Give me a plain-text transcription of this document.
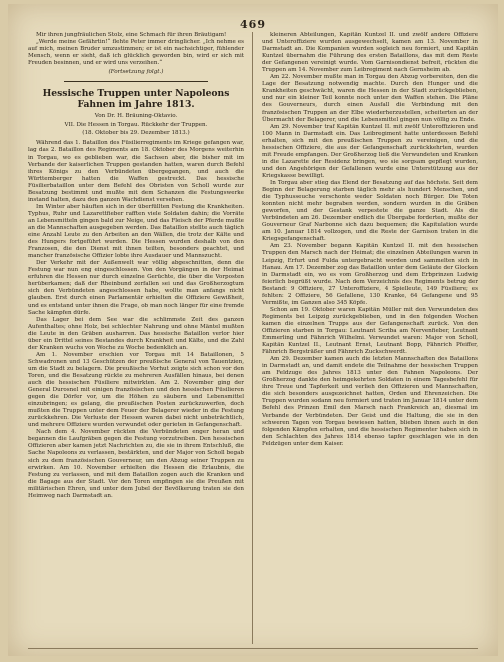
469

Mir ihren jungfräulichen Stolz, eine Schmach für ihren Bräutigam!

„Werde meine Gefährtin!“ flehte Peter immer dringlicher. „Ich nehme es auf mich, meinen Bruder umzustimmen; er ist ein nachsichtiger, fühlender Mensch, wenn er sieht, daß ich glücklich geworden bin, wird er sich mit Freuden besinnen, und er wird uns verzeihen.“

(Fortsetzung folgt.)

Hessische Truppen unter Napoleons Fahnen im Jahre 1813.
Von Dr. H. Bräuning-Oktavio.
VII. Die Hessen in Torgau. Rückkehr der Truppen.
(18. Oktober bis 29. Dezember 1813.)

Während das 1. Bataillon des Füsilierregiments im Kriege gefangen war, lag das 2. Bataillon des Regiments am 18. Oktober des Morgens weiterhin in Torgau, wo es geblieben war, die Sachsen aber, die bisher mit im Verbande der kaiserlichen Truppen gestanden hatten, waren durch Befehl ihres Königs zu den Verbündeten übergegangen, und auch die Württemberger hatten die Waffen gestreckt. Das hessische Füsilierbataillon unter dem Befehl des Obristen von Scholl wurde zur Besatzung bestimmt und mußte mit dem Schanzen die Festungswerke instand halten, dazu den ganzen Wachdienst versehen.

Im Winter aber häuften sich in der überfüllten Festung die Krankheiten. Typhus, Ruhr und Lazarettfieber rafften viele Soldaten dahin; die Vorräte an Lebensmitteln gingen bald zur Neige, und das Fleisch der Pferde mußte an die Mannschaften ausgegeben werden. Das Bataillon stellte auch täglich eine Anzahl Leute zu den Arbeiten an den Wällen, die trotz der Kälte und des Hungers fortgeführt wurden. Die Hessen wurden deshalb von den Franzosen, die den Dienst mit ihnen teilten, besonders geachtet, und mancher französische Offizier lobte ihre Ausdauer und Mannszucht.

Der Verkehr mit der Außenwelt war völlig abgeschnitten, denn die Festung war nun eng eingeschlossen. Von den Vorgängen in der Heimat erfuhren die Hessen nur durch einzelne Gerüchte, die über die Vorposten herüberkamen; daß der Rheinbund zerfallen sei und das Großherzogtum sich den Verbündeten angeschlossen habe, wollte man anfangs nicht glauben. Erst durch einen Parlamentär erhielten die Offiziere Gewißheit, und es entstand unter ihnen die Frage, ob man noch länger für eine fremde Sache kämpfen dürfe.

Das Lager bei dem See war die schlimmste Zeit des ganzen Aufenthaltes; ohne Holz, bei schlechter Nahrung und ohne Mäntel mußten die Leute in den Gräben ausharren. Das hessische Bataillon verlor hier über ein Drittel seines Bestandes durch Krankheit und Kälte, und die Zahl der Kranken wuchs von Woche zu Woche bedenklich an.

Am 1. November erschien vor Torgau mit 14 Bataillonen, 5 Schwadronen und 13 Geschützen der preußische General von Tauentzien, um die Stadt zu belagern. Die preußische Vorhut zeigte sich schon vor den Toren, und die Besatzung rückte zu mehreren Ausfällen hinaus, bei denen auch die hessischen Füsiliere mitwirkten. Am 2. November ging der General Durosnel mit einigen französischen und den hessischen Füsilieren gegen die Dörfer vor, um die Höhen zu säubern und Lebensmittel einzubringen; es gelang, die preußischen Posten zurückzuwerfen, doch mußten die Truppen unter dem Feuer der Belagerer wieder in die Festung zurückkehren. Die Verluste der Hessen waren dabei nicht unbeträchtlich, und mehrere Offiziere wurden verwundet oder gerieten in Gefangenschaft.

Nach dem 4. November rückten die Verbündeten enger heran und begannen die Laufgräben gegen die Festung vorzutreiben. Den hessischen Offizieren aber kamen jetzt Nachrichten zu, die sie in ihrem Entschluß, die Sache Napoleons zu verlassen, bestärkten, und der Major von Scholl begab sich zu dem französischen Gouverneur, um den Abzug seiner Truppen zu erwirken. Am 10. November erhielten die Hessen die Erlaubnis, die Festung zu verlassen, und mit dem Bataillon zogen auch die Kranken und die Bagage aus der Stadt. Vor den Toren empfingen sie die Preußen mit militärischen Ehren, und unter dem Jubel der Bevölkerung traten sie den Heimweg nach Darmstadt an.

kleineren Abteilungen, Kapitän Kuntzel II. und zwölf andere Offiziere und Unteroffiziere wurden ausgewechselt, kamen am 13. November in Darmstadt an. Die Kompanien wurden sogleich neu formiert, und Kapitän Kuntzel übernahm die Führung des ersten Bataillons, das mit dem Reste der Gefangenen vereinigt wurde. Vom Garnisondienst befreit, rückten die Truppen am 14. November zum Leibregiment nach Gernsheim ab.

Am 22. November mußte man in Torgau den Abzug vorbereiten, den die Lage der Besatzung notwendig machte. Durch den Hunger und die Krankheiten geschwächt, waren die Hessen in der Stadt zurückgeblieben, und nur ein kleiner Teil konnte noch unter den Waffen stehen. Die Pläne des Gouverneurs, durch einen Ausfall die Verbindung mit den französischen Truppen an der Elbe wiederherzustellen, scheiterten an der Übermacht der Belagerer, und die Lebensmittel gingen nun völlig zu Ende.

Am 29. November traf Kapitän Kuntzel II. mit zwölf Unteroffizieren und 100 Mann in Darmstadt ein. Das Leibregiment hatte unterdessen Befehl erhalten, sich mit den preußischen Truppen zu vereinigen, und die hessischen Offiziere, die aus der Gefangenschaft zurückkehrten, wurden mit Freude empfangen. Der Großherzog ließ die Verwundeten und Kranken in die Lazarette der Residenz bringen, wo sie sorgsam gepflegt wurden, und den Angehörigen der Gefallenen wurde eine Unterstützung aus der Kriegskasse bewilligt.

In Torgau aber stieg das Elend der Besatzung auf das höchste. Seit dem Beginn der Belagerung starben täglich mehr als hundert Menschen, und die Typhusseuche verschonte weder Soldaten noch Bürger. Die Toten konnten nicht mehr begraben werden, sondern wurden in die Gräben geworfen, und der Gestank verpestete die ganze Stadt. Als die Verbündeten am 26. Dezember endlich die Übergabe forderten, mußte der Gouverneur Graf Narbonne sich dazu bequemen; die Kapitulation wurde am 10. Januar 1814 vollzogen, und die Reste der Garnison traten in die Kriegsgefangenschaft.

Am 23. November begann Kapitän Kuntzel II. mit den hessischen Truppen den Marsch nach der Heimat; die einzelnen Abteilungen waren in Leipzig, Erfurt und Fulda untergebracht worden und sammelten sich in Hanau. Am 17. Dezember zog das Bataillon unter dem Geläute der Glocken in Darmstadt ein, wo es vom Großherzog und dem Erbprinzen Ludwig feierlich begrüßt wurde. Nach dem Verzeichnis des Regiments betrug der Bestand: 9 Offiziere, 27 Unteroffiziere, 4 Spielleute, 149 Füsiliere; es fehlten: 2 Offiziere, 56 Gefallene, 130 Kranke, 64 Gefangene und 95 Vermißte, im Ganzen also 345 Köpfe.

Schon am 19. Oktober waren Kapitän Müller mit den Verwundeten des Regiments bei Leipzig zurückgeblieben, und in den folgenden Wochen kamen die einzelnen Trupps aus der Gefangenschaft zurück. Von den Offizieren starben in Torgau: Leutnant Scriba am Nervenfieber, Leutnant Emmerling und Fähnrich Wilhelmi. Verwundet waren: Major von Scholl, Kapitän Kuntzel II., Leutnant Ernst, Leutnant Bopp, Fähnrich Pfeiffer, Fähnrich Bergsträßer und Fähnrich Zuckschwerdt.

Am 29. Dezember kamen auch die letzten Mannschaften des Bataillons in Darmstadt an, und damit endete die Teilnahme der hessischen Truppen am Feldzuge des Jahres 1813 unter den Fahnen Napoleons. Der Großherzog dankte den heimgekehrten Soldaten in einem Tagesbefehl für ihre Treue und Tapferkeit und verlieh den Offizieren und Mannschaften, die sich besonders ausgezeichnet hatten, Orden und Ehrenzeichen. Die Truppen wurden sodann neu formiert und traten im Januar 1814 unter dem Befehl des Prinzen Emil den Marsch nach Frankreich an, diesmal im Verbande der Verbündeten. Der Geist und die Haltung, die sie in den schweren Tagen von Torgau bewiesen hatten, blieben ihnen auch in den folgenden Kämpfen erhalten, und die hessischen Regimenter haben sich in den Schlachten des Jahres 1814 ebenso tapfer geschlagen wie in den Feldzügen unter dem Kaiser.
